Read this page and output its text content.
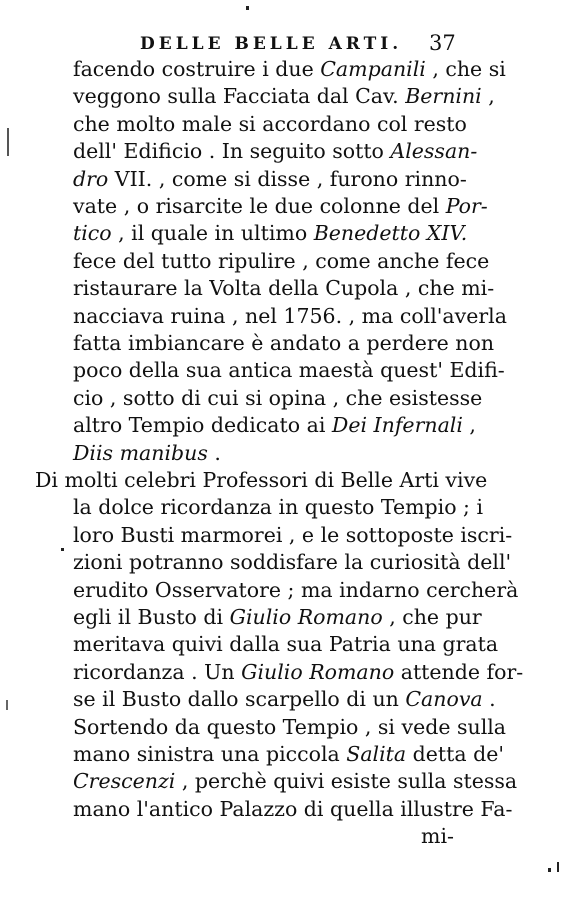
DELLE BELLE ARTI. 37
facendo costruire i due Campanili , che si
veggono sulla Facciata dal Cav. Bernini ,
che molto male si accordano col resto
dell' Edificio . In seguito sotto Alessan-
dro VII. , come si disse , furono rinno-
vate , o risarcite le due colonne del Por-
tico , il quale in ultimo Benedetto XIV.
fece del tutto ripulire , come anche fece
ristaurare la Volta della Cupola , che mi-
nacciava ruina , nel 1756. , ma coll'averla
fatta imbiancare è andato a perdere non
poco della sua antica maestà quest' Edifi-
cio , sotto di cui si opina , che esistesse
altro Tempio dedicato ai Dei Infernali ,
Diis manibus .
Di molti celebri Professori di Belle Arti vive
la dolce ricordanza in questo Tempio ; i
loro Busti marmorei , e le sottoposte iscri-
zioni potranno soddisfare la curiosità dell'
erudito Osservatore ; ma indarno cercherà
egli il Busto di Giulio Romano , che pur
meritava quivi dalla sua Patria una grata
ricordanza . Un Giulio Romano attende for-
se il Busto dallo scarpello di un Canova .
Sortendo da questo Tempio , si vede sulla
mano sinistra una piccola Salita detta de'
Crescenzi , perchè quivi esiste sulla stessa
mano l'antico Palazzo di quella illustre Fa-
mi-
